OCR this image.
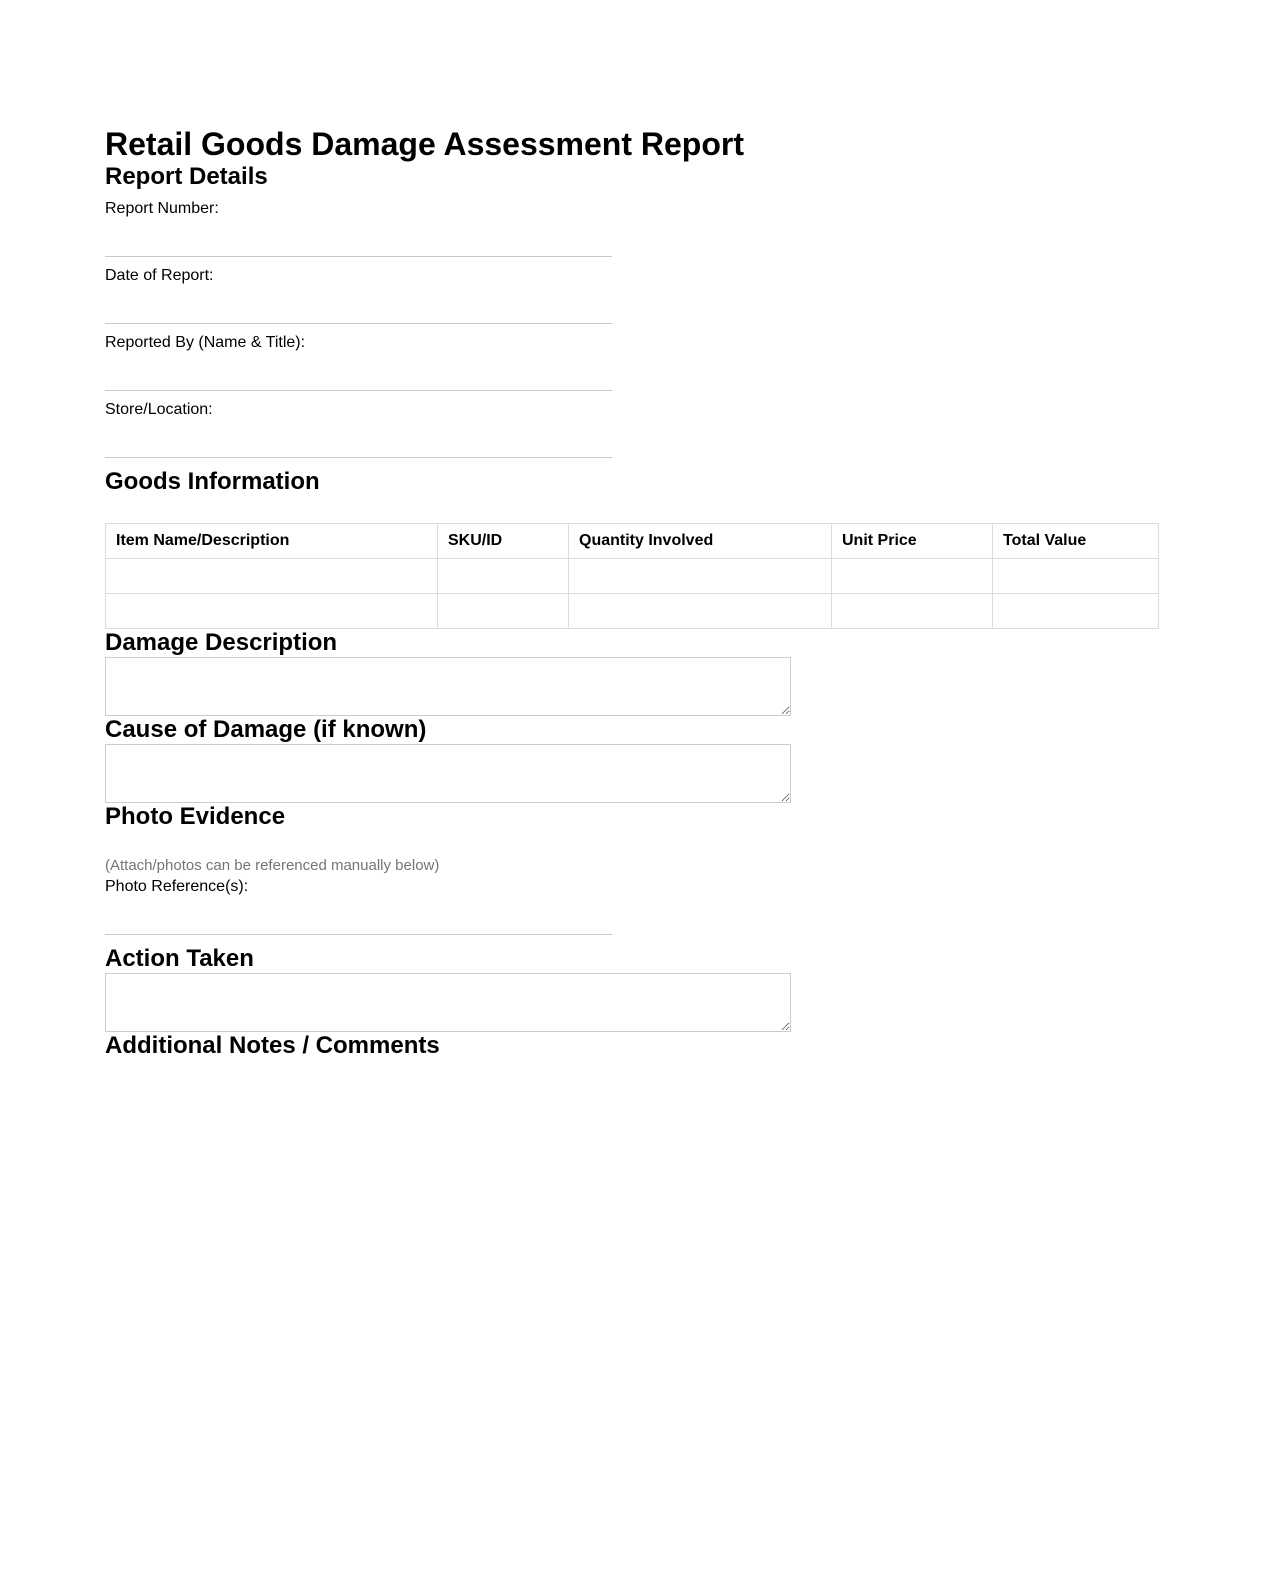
Retail Goods Damage Assessment Report
Report Details
Report Number:
Date of Report:
Reported By (Name & Title):
Store/Location:
Goods Information
Item Name/Description	SKU/ID	Quantity Involved	Unit Price	Total Value

Damage Description
Cause of Damage (if known)
Photo Evidence

(Attach/photos can be referenced manually below)

Photo Reference(s):
Action Taken
Additional Notes / Comments
